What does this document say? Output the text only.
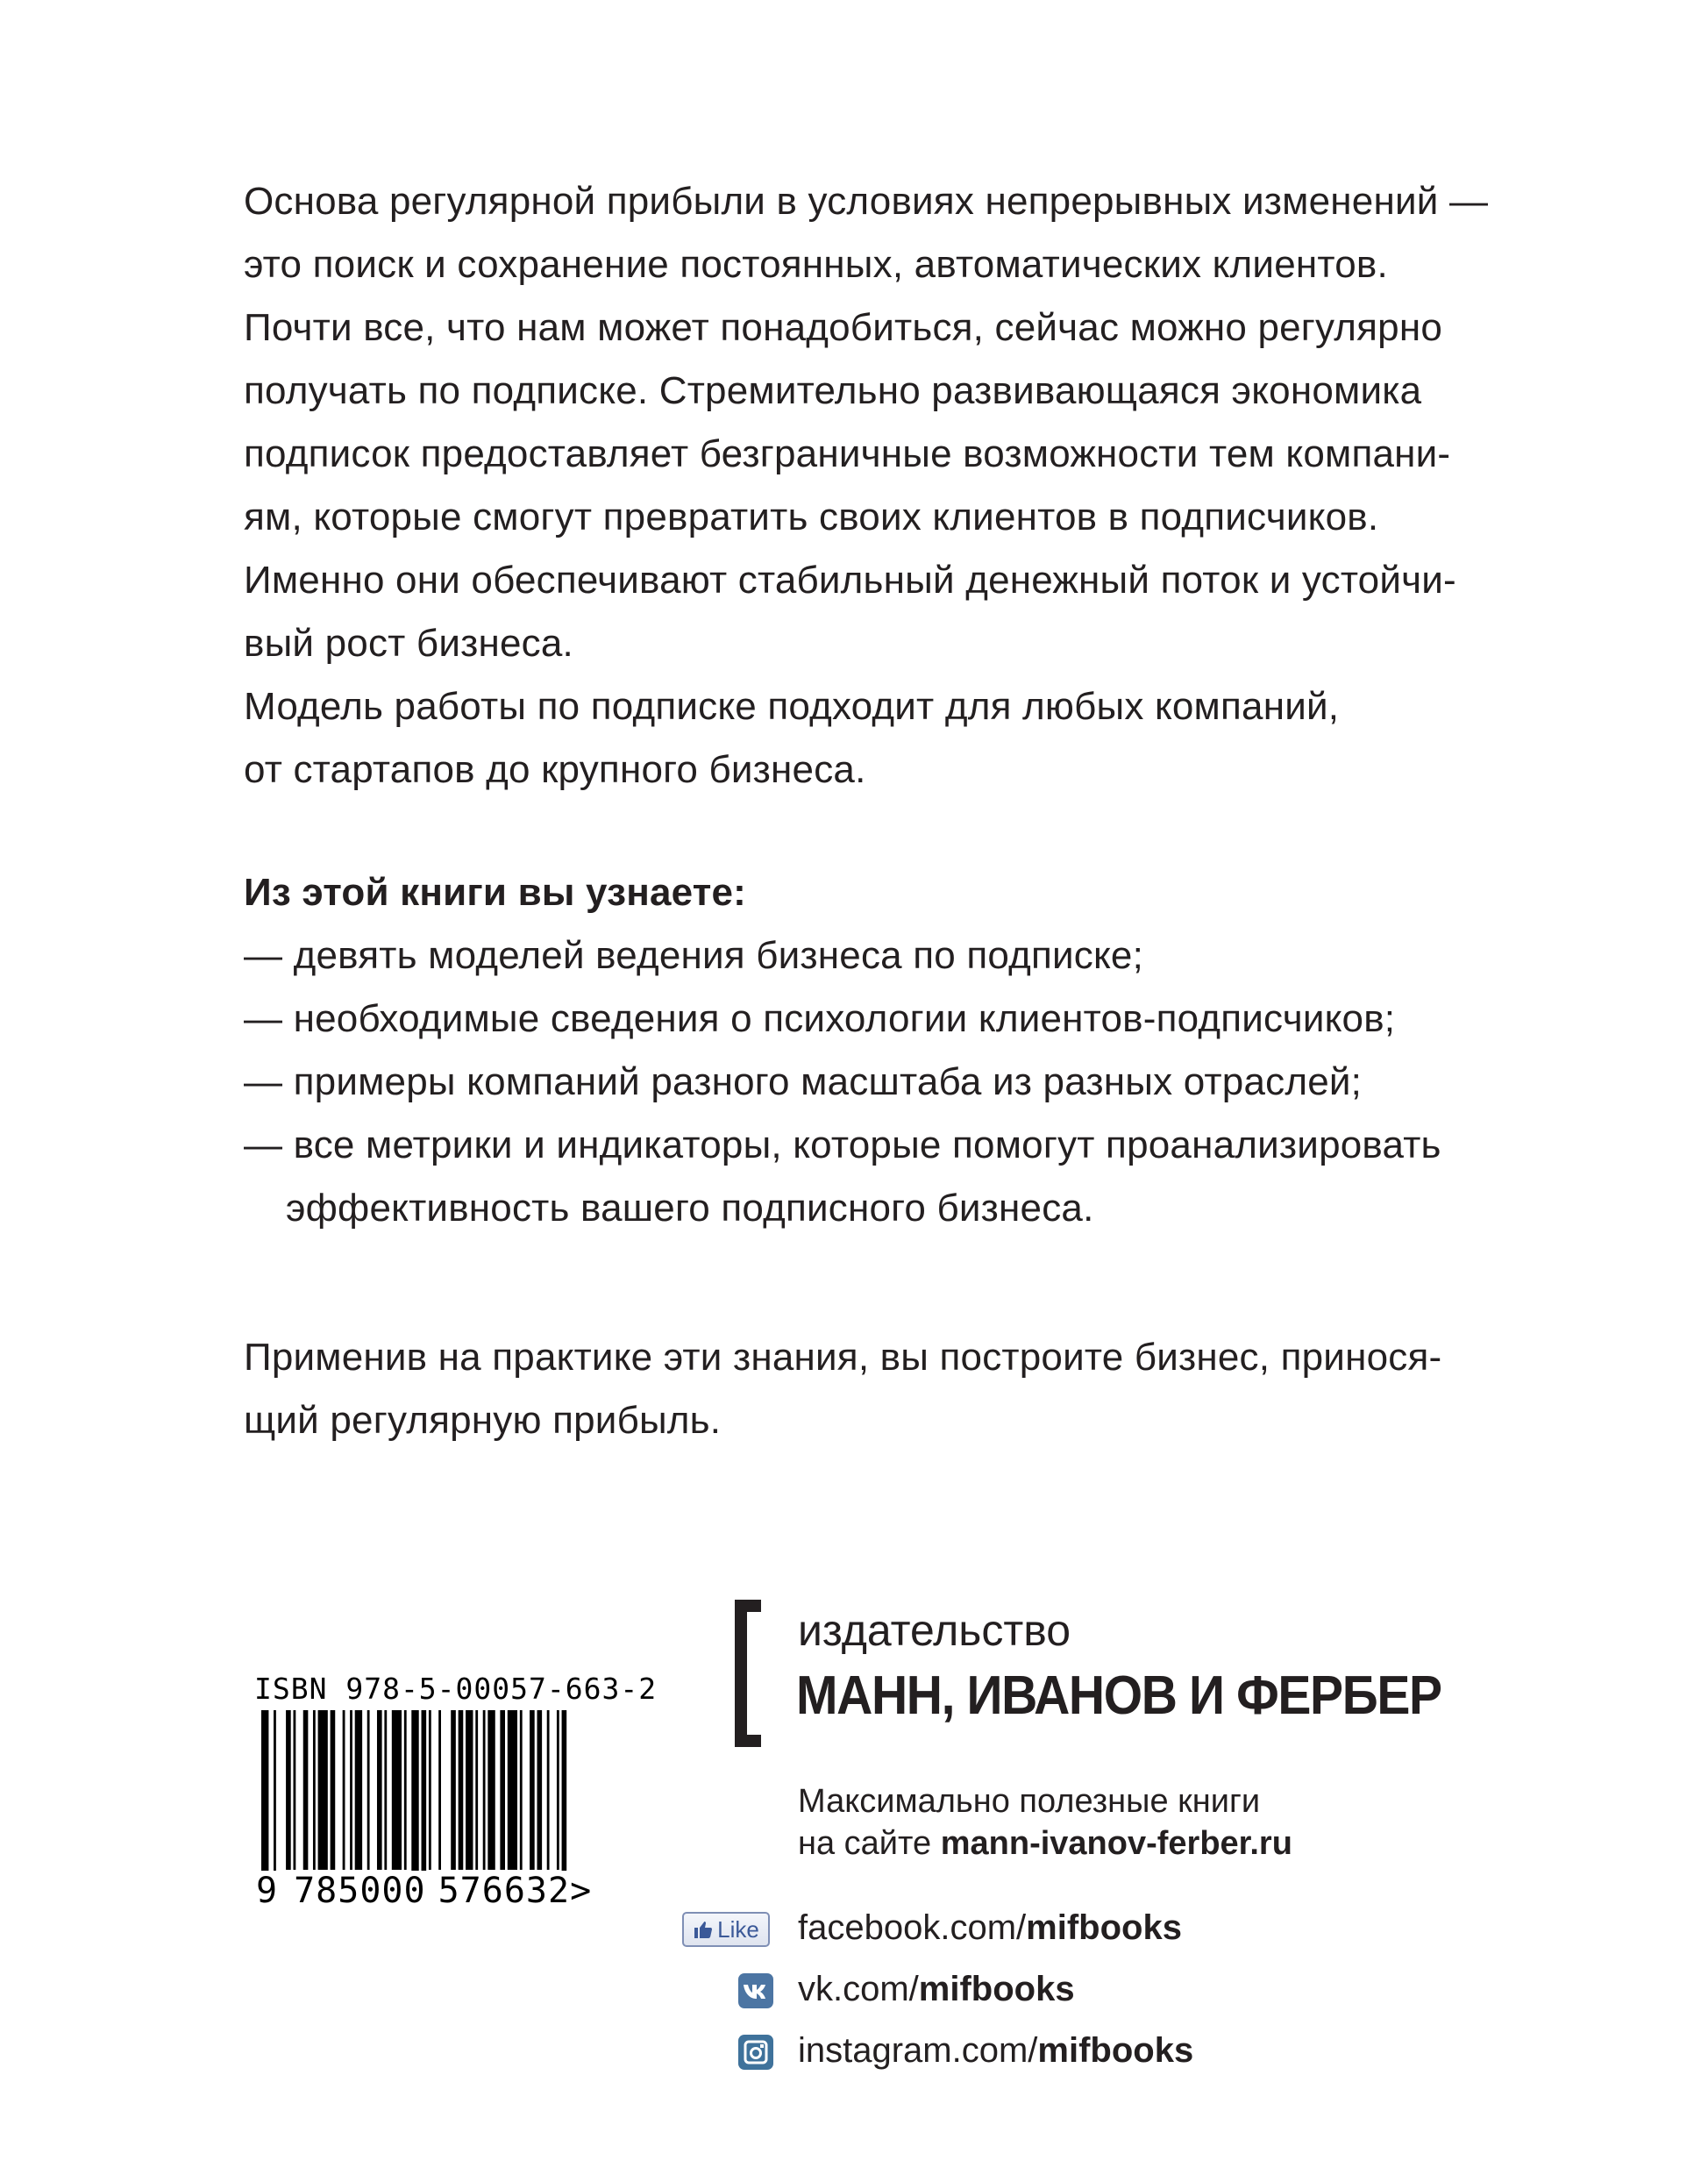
Основа регулярной прибыли в условиях непрерывных изменений —
это поиск и сохранение постоянных, автоматических клиентов.
Почти все, что нам может понадобиться, сейчас можно регулярно
получать по подписке. Стремительно развивающаяся экономика
подписок предоставляет безграничные возможности тем компани-
ям, которые смогут превратить своих клиентов в подписчиков.
Именно они обеспечивают стабильный денежный поток и устойчи-
вый рост бизнеса.
Модель работы по подписке подходит для любых компаний,
от стартапов до крупного бизнеса.
Из этой книги вы узнаете:
— девять моделей ведения бизнеса по подписке;
— необходимые сведения о психологии клиентов-подписчиков;
— примеры компаний разного масштаба из разных отраслей;
— все метрики и индикаторы, которые помогут проанализировать
эффективность вашего подписного бизнеса.
Применив на практике эти знания, вы построите бизнес, принося-
щий регулярную прибыль.
ISBN 978-5-00057-663-2
9 785000 576632>
издательство
МАНН, ИВАНОВ И ФЕРБЕР
Максимально полезные книги
на сайте mann-ivanov-ferber.ru
Like facebook.com/mifbooks
vk.com/mifbooks
instagram.com/mifbooks
